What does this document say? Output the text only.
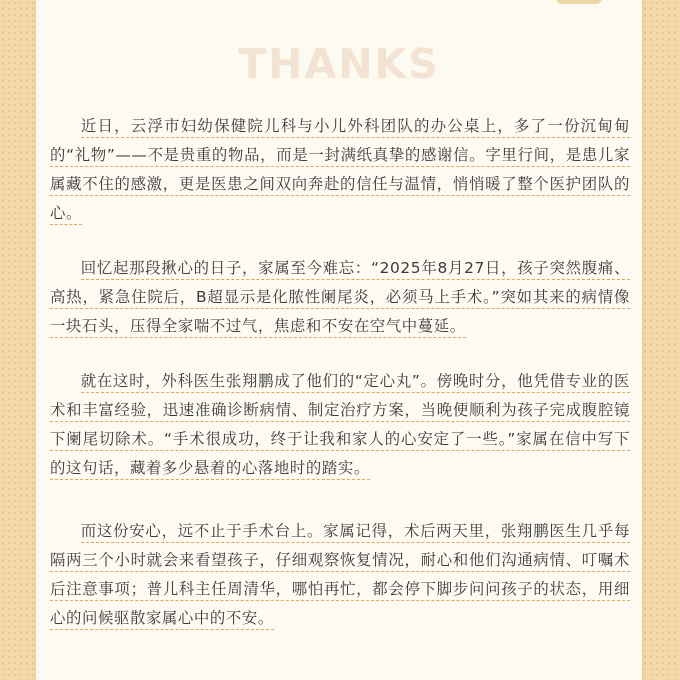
THANKS

近日，云浮市妇幼保健院儿科与小儿外科团队的办公桌上，多了一份沉甸甸的“礼物”——不是贵重的物品，而是一封满纸真挚的感谢信。字里行间，是患儿家属藏不住的感激，更是医患之间双向奔赴的信任与温情，悄悄暖了整个医护团队的心。

回忆起那段揪心的日子，家属至今难忘：“2025年8月27日，孩子突然腹痛、高热，紧急住院后，B超显示是化脓性阑尾炎，必须马上手术。”突如其来的病情像一块石头，压得全家喘不过气，焦虑和不安在空气中蔓延。

就在这时，外科医生张翔鹏成了他们的“定心丸”。傍晚时分，他凭借专业的医术和丰富经验，迅速准确诊断病情、制定治疗方案，当晚便顺利为孩子完成腹腔镜下阑尾切除术。“手术很成功，终于让我和家人的心安定了一些。”家属在信中写下的这句话，藏着多少悬着的心落地时的踏实。

而这份安心，远不止于手术台上。家属记得，术后两天里，张翔鹏医生几乎每隔两三个小时就会来看望孩子，仔细观察恢复情况，耐心和他们沟通病情、叮嘱术后注意事项；普儿科主任周清华，哪怕再忙，都会停下脚步问问孩子的状态，用细心的问候驱散家属心中的不安。
